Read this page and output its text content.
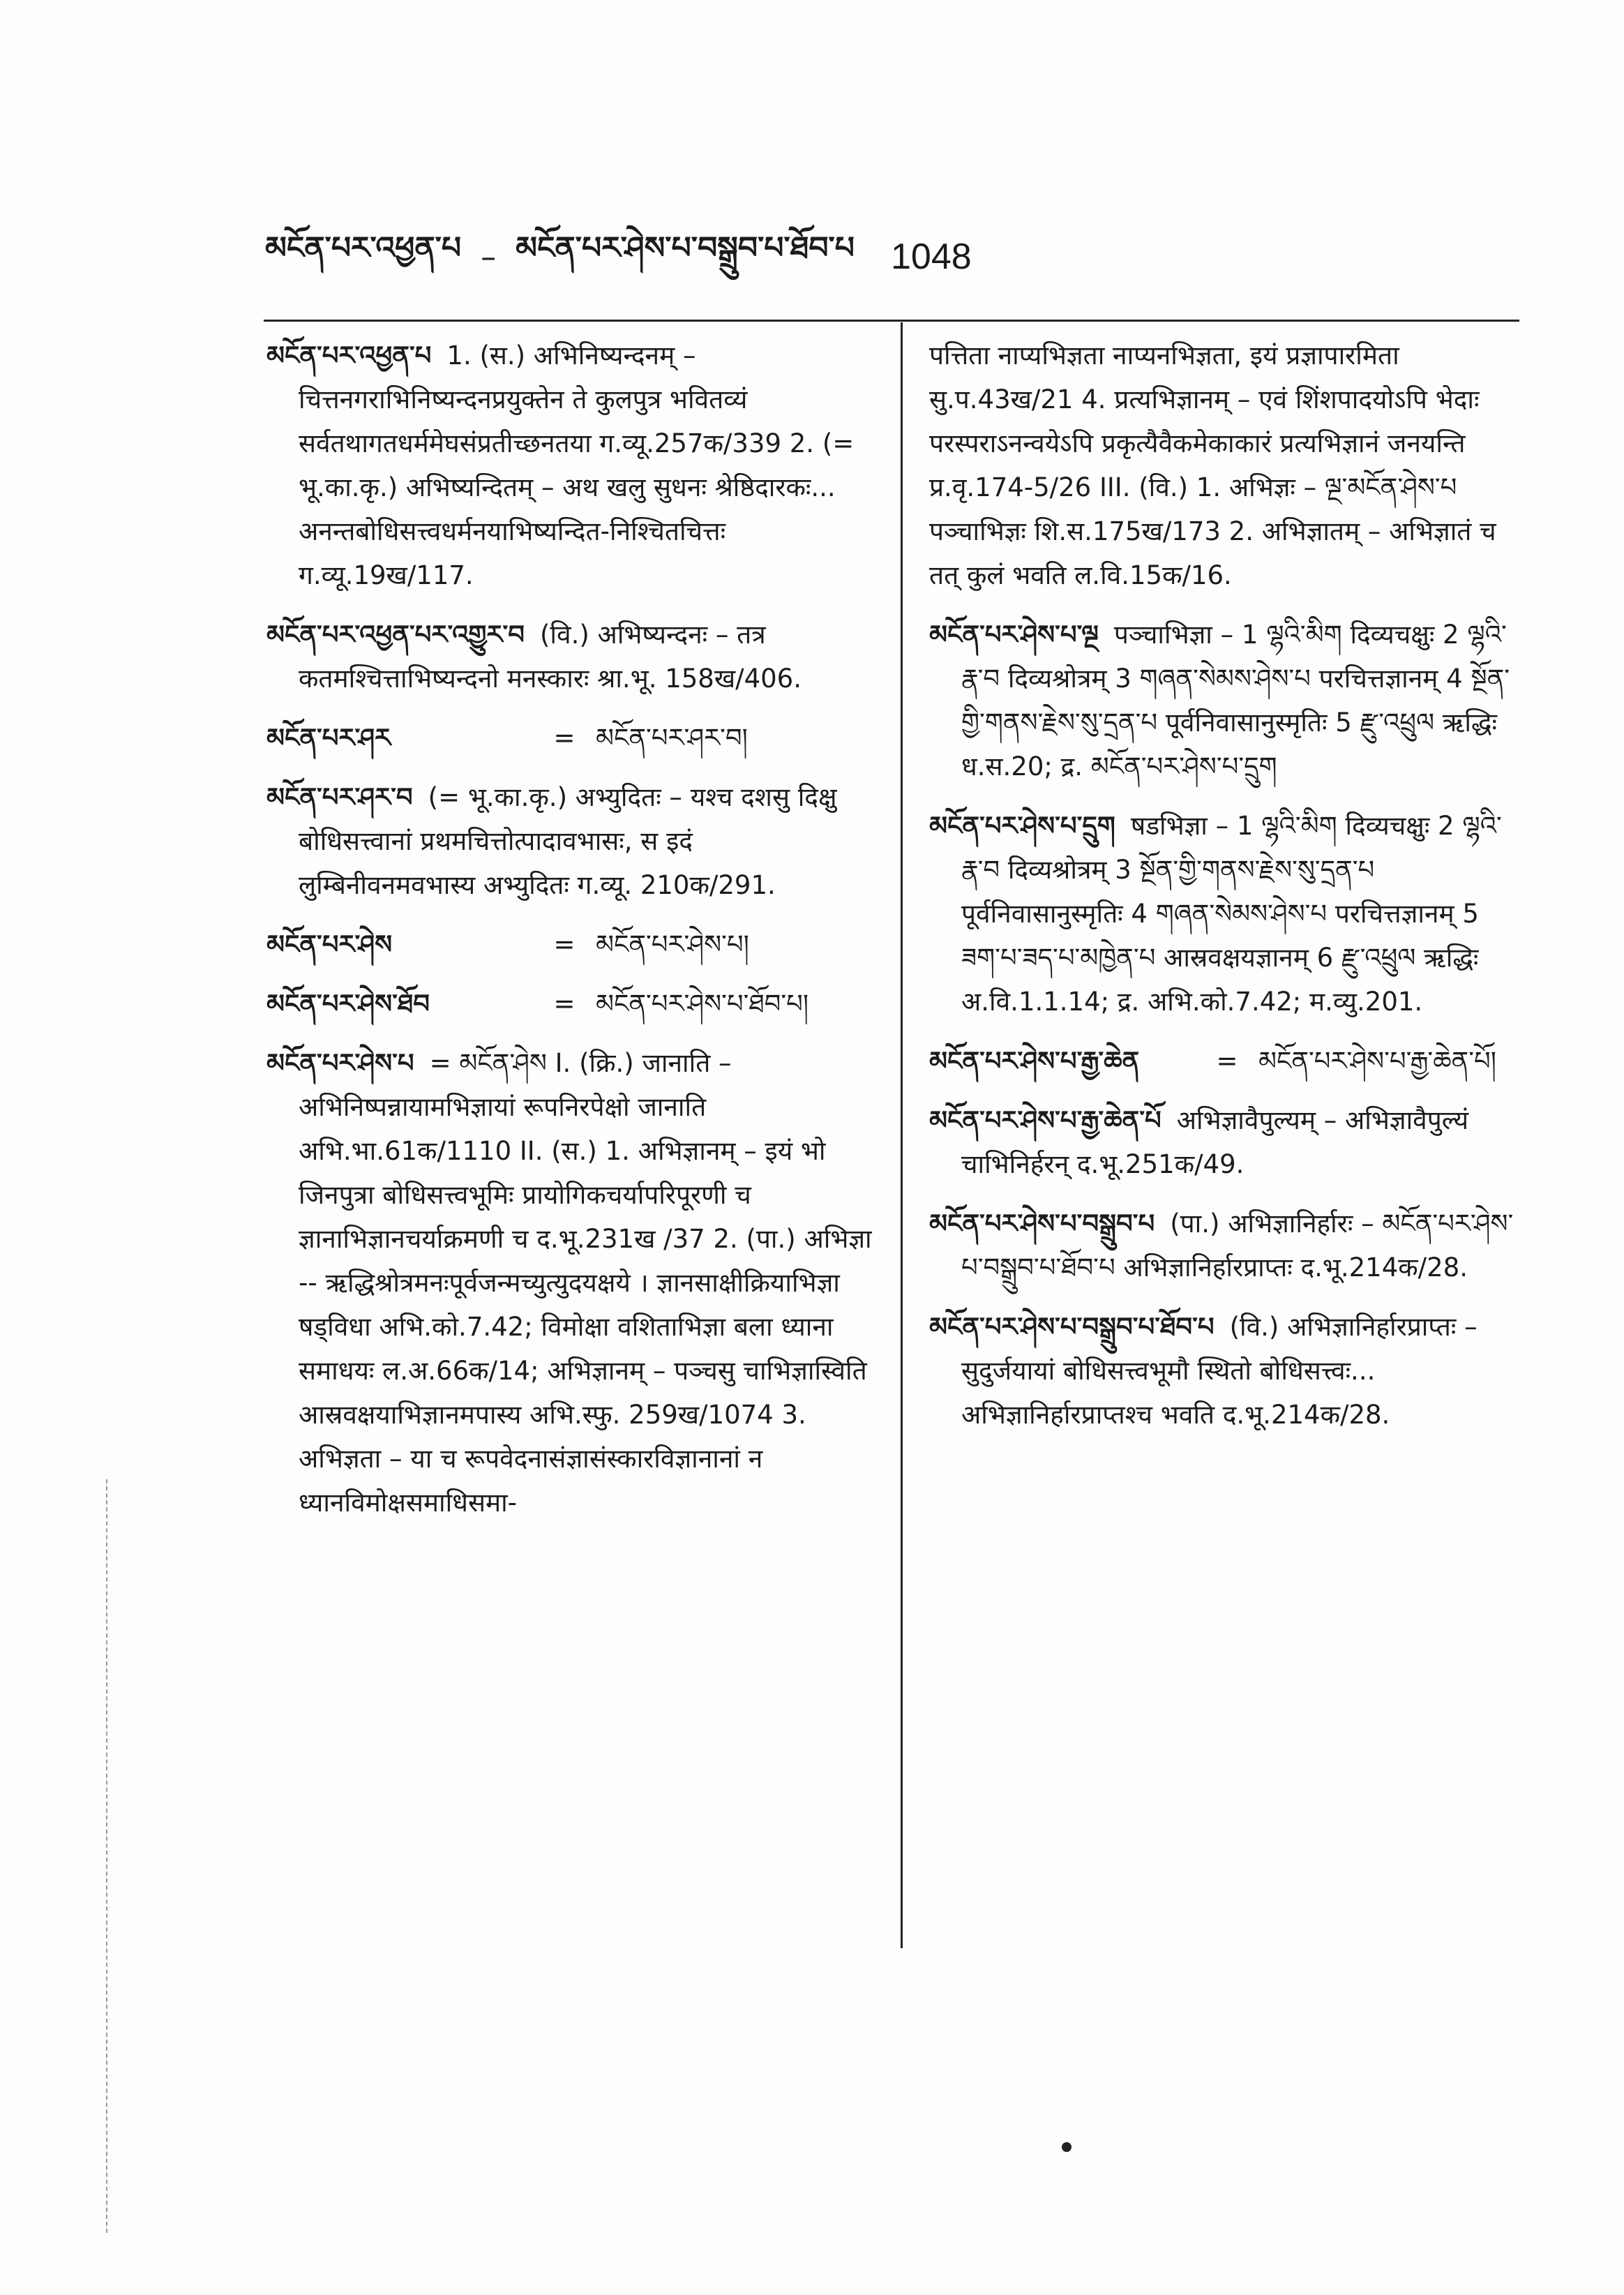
མངོན་པར་འཕྱན་པ – མངོན་པར་ཤེས་པ་བསྒྲུབ་པ་ཐོབ་པ 1048

མངོན་པར་འཕྱན་པ 1. (स.) अभिनिष्यन्दनम् – चित्तनगराभिनिष्यन्दनप्रयुक्तेन ते कुलपुत्र भवितव्यं सर्वतथागतधर्ममेघसंप्रतीच्छनतया ग.व्यू.257क/339 2. (= भू.का.कृ.) अभिष्यन्दितम् – अथ खलु सुधनः श्रेष्ठिदारकः... अनन्तबोधिसत्त्वधर्मनयाभिष्यन्दित-निश्चितचित्तः ग.व्यू.19ख/117.

མངོན་པར་འཕྱན་པར་འགྱུར་བ (वि.) अभिष्यन्दनः – तत्र कतमश्चित्ताभिष्यन्दनो मनस्कारः श्रा.भू. 158ख/406.

མངོན་པར་ཤར	= མངོན་པར་ཤར་བ།

མངོན་པར་ཤར་བ (= भू.का.कृ.) अभ्युदितः – यश्च दशसु दिक्षु बोधिसत्त्वानां प्रथमचित्तोत्पादावभासः, स इदं लुम्बिनीवनमवभास्य अभ्युदितः ग.व्यू. 210क/291.

མངོན་པར་ཤེས	= མངོན་པར་ཤེས་པ།
མངོན་པར་ཤེས་ཐོབ	= མངོན་པར་ཤེས་པ་ཐོབ་པ།

མངོན་པར་ཤེས་པ = མངོན་ཤེས I. (क्रि.) जानाति – अभिनिष्पन्नायामभिज्ञायां रूपनिरपेक्षो जानाति अभि.भा.61क/1110 II. (स.) 1. अभिज्ञानम् – इयं भो जिनपुत्रा बोधिसत्त्वभूमिः प्रायोगिकचर्यापरिपूरणी च ज्ञानाभिज्ञानचर्याक्रमणी च द.भू.231ख /37 2. (पा.) अभिज्ञा -- ऋद्धिश्रोत्रमनःपूर्वजन्मच्युत्युदयक्षये । ज्ञानसाक्षीक्रियाभिज्ञा षड्विधा अभि.को.7.42; विमोक्षा वशिताभिज्ञा बला ध्याना समाधयः ल.अ.66क/14; अभिज्ञानम् – पञ्चसु चाभिज्ञास्विति आस्रवक्षयाभिज्ञानमपास्य अभि.स्फु. 259ख/1074 3. अभिज्ञता – या च रूपवेदनासंज्ञासंस्कारविज्ञानानां न ध्यानविमोक्षसमाधिसमा-

पत्तिता नाप्यभिज्ञता नाप्यनभिज्ञता, इयं प्रज्ञापारमिता सु.प.43ख/21 4. प्रत्यभिज्ञानम् – एवं शिंशपादयोऽपि भेदाः परस्पराऽनन्वयेऽपि प्रकृत्यैवैकमेकाकारं प्रत्यभिज्ञानं जनयन्ति प्र.वृ.174-5/26 III. (वि.) 1. अभिज्ञः – ལྔ་མངོན་ཤེས་པ पञ्चाभिज्ञः शि.स.175ख/173 2. अभिज्ञातम् – अभिज्ञातं च तत् कुलं भवति ल.वि.15क/16.

མངོན་པར་ཤེས་པ་ལྔ पञ्चाभिज्ञा – 1 ལྷའི་མིག दिव्यचक्षुः 2 ལྷའི་རྣ་བ दिव्यश्रोत्रम् 3 གཞན་སེམས་ཤེས་པ परचित्तज्ञानम् 4 སྔོན་གྱི་གནས་རྗེས་སུ་དྲན་པ पूर्वनिवासानुस्मृतिः 5 རྫུ་འཕྲུལ ऋद्धिः ध.स.20; द्र. མངོན་པར་ཤེས་པ་དྲུག

མངོན་པར་ཤེས་པ་དྲུག षडभिज्ञा – 1 ལྷའི་མིག दिव्यचक्षुः 2 ལྷའི་རྣ་བ दिव्यश्रोत्रम् 3 སྔོན་གྱི་གནས་རྗེས་སུ་དྲན་པ पूर्वनिवासानुस्मृतिः 4 གཞན་སེམས་ཤེས་པ परचित्तज्ञानम् 5 ཟག་པ་ཟད་པ་མཁྱེན་པ आस्रवक्षयज्ञानम् 6 རྫུ་འཕྲུལ ऋद्धिः अ.वि.1.1.14; द्र. अभि.को.7.42; म.व्यु.201.

མངོན་པར་ཤེས་པ་རྒྱ་ཆེན	= མངོན་པར་ཤེས་པ་རྒྱ་ཆེན་པོ།

མངོན་པར་ཤེས་པ་རྒྱ་ཆེན་པོ अभिज्ञावैपुल्यम् – अभिज्ञावैपुल्यं चाभिनिर्हरन् द.भू.251क/49.

མངོན་པར་ཤེས་པ་བསྒྲུབ་པ (पा.) अभिज्ञानिर्हारः – མངོན་པར་ཤེས་པ་བསྒྲུབ་པ་ཐོབ་པ अभिज्ञानिर्हारप्राप्तः द.भू.214क/28.

མངོན་པར་ཤེས་པ་བསྒྲུབ་པ་ཐོབ་པ (वि.) अभिज्ञानिर्हारप्राप्तः – सुदुर्जयायां बोधिसत्त्वभूमौ स्थितो बोधिसत्त्वः... अभिज्ञानिर्हारप्राप्तश्च भवति द.भू.214क/28.
